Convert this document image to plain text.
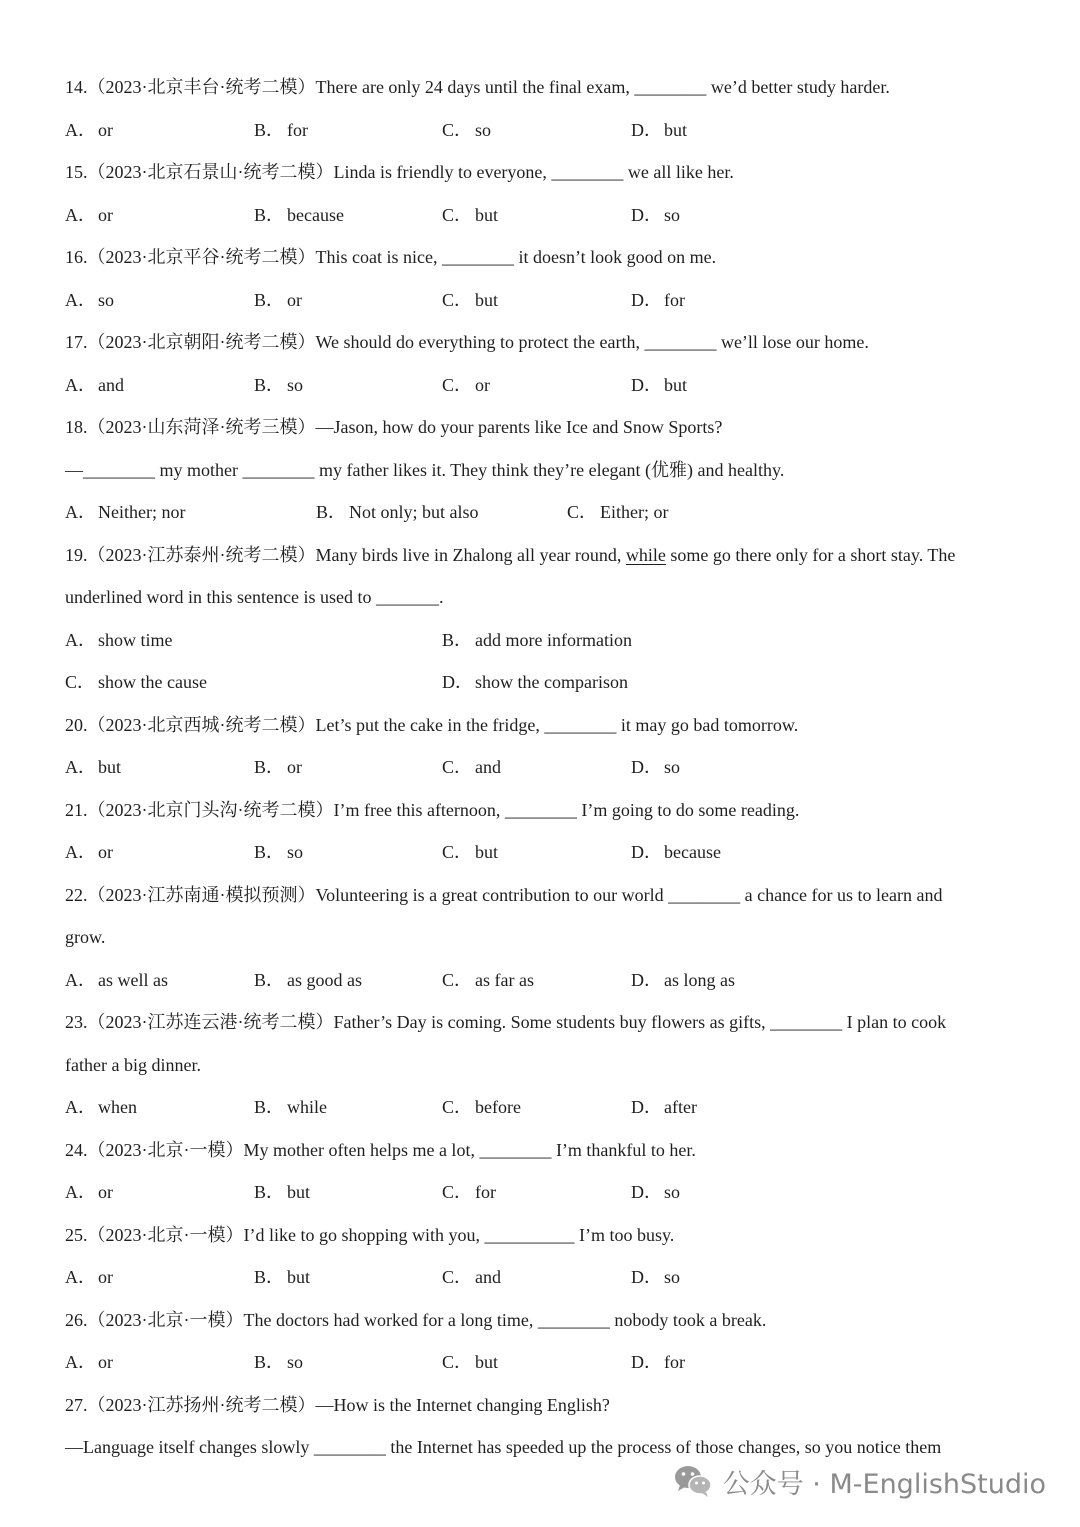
14.（2023·北京丰台·统考二模）There are only 24 days until the final exam, ________ we’d better study harder.
A． or	B． for	C． so	D． but
15.（2023·北京石景山·统考二模）Linda is friendly to everyone, ________ we all like her.
A． or	B． because	C． but	D． so
16.（2023·北京平谷·统考二模）This coat is nice, ________ it doesn’t look good on me.
A． so	B． or	C． but	D． for
17.（2023·北京朝阳·统考二模）We should do everything to protect the earth, ________ we’ll lose our home.
A． and	B． so	C． or	D． but
18.（2023·山东菏泽·统考三模）—Jason, how do your parents like Ice and Snow Sports?
—________ my mother ________ my father likes it. They think they’re elegant (优雅) and healthy.
A． Neither; nor	B． Not only; but also	C． Either; or
19.（2023·江苏泰州·统考二模）Many birds live in Zhalong all year round, while some go there only for a short stay. The
underlined word in this sentence is used to _______.
A． show time	B． add more information
C． show the cause	D． show the comparison
20.（2023·北京西城·统考二模）Let’s put the cake in the fridge, ________ it may go bad tomorrow.
A． but	B． or	C． and	D． so
21.（2023·北京门头沟·统考二模）I’m free this afternoon, ________ I’m going to do some reading.
A． or	B． so	C． but	D． because
22.（2023·江苏南通·模拟预测）Volunteering is a great contribution to our world ________ a chance for us to learn and
grow.
A． as well as	B． as good as	C． as far as	D． as long as
23.（2023·江苏连云港·统考二模）Father’s Day is coming. Some students buy flowers as gifts, ________ I plan to cook
father a big dinner.
A． when	B． while	C． before	D． after
24.（2023·北京·一模）My mother often helps me a lot, ________ I’m thankful to her.
A． or	B． but	C． for	D． so
25.（2023·北京·一模）I’d like to go shopping with you, __________ I’m too busy.
A． or	B． but	C． and	D． so
26.（2023·北京·一模）The doctors had worked for a long time, ________ nobody took a break.
A． or	B． so	C． but	D． for
27.（2023·江苏扬州·统考二模）—How is the Internet changing English?
—Language itself changes slowly ________ the Internet has speeded up the process of those changes, so you notice them
公众号 · M-EnglishStudio
